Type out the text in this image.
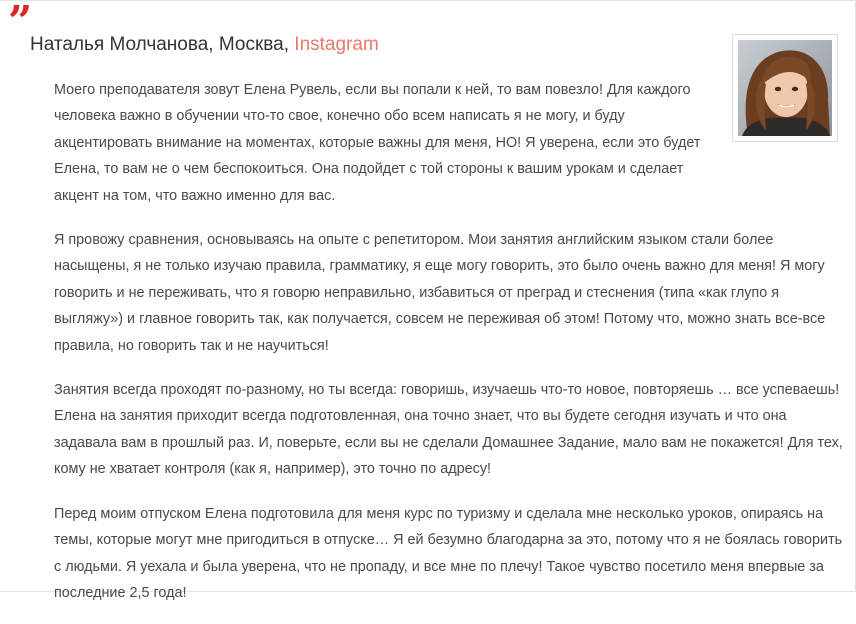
”
Наталья Молчанова, Москва, Instagram

Моего преподавателя зовут Елена Рувель, если вы попали к ней, то вам повезло! Для каждого человека важно в обучении что-то свое, конечно обо всем написать я не могу, и буду акцентировать внимание на моментах, которые важны для меня, НО! Я уверена, если это будет Елена, то вам не о чем беспокоиться. Она подойдет с той стороны к вашим урокам и сделает акцент на том, что важно именно для вас.

Я провожу сравнения, основываясь на опыте с репетитором. Мои занятия английским языком стали более насыщены, я не только изучаю правила, грамматику, я еще могу говорить, это было очень важно для меня! Я могу говорить и не переживать, что я говорю неправильно, избавиться от преград и стеснения (типа «как глупо я выгляжу») и главное говорить так, как получается, совсем не переживая об этом! Потому что, можно знать все-все правила, но говорить так и не научиться!

Занятия всегда проходят по-разному, но ты всегда: говоришь, изучаешь что-то новое, повторяешь … все успеваешь! Елена на занятия приходит всегда подготовленная, она точно знает, что вы будете сегодня изучать и что она задавала вам в прошлый раз. И, поверьте, если вы не сделали Домашнее Задание, мало вам не покажется! Для тех, кому не хватает контроля (как я, например), это точно по адресу!

Перед моим отпуском Елена подготовила для меня курс по туризму и сделала мне несколько уроков, опираясь на темы, которые могут мне пригодиться в отпуске… Я ей безумно благодарна за это, потому что я не боялась говорить с людьми. Я уехала и была уверена, что не пропаду, и все мне по плечу! Такое чувство посетило меня впервые за последние 2,5 года!
